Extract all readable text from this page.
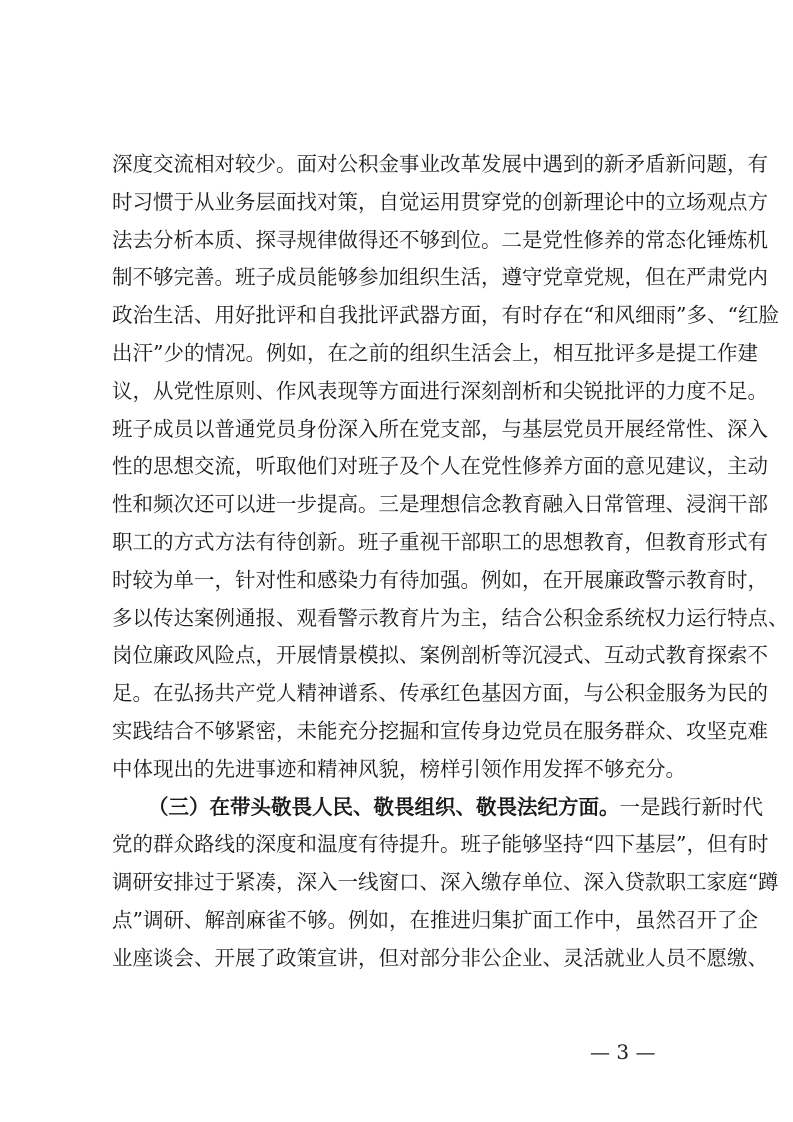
深度交流相对较少。面对公积金事业改革发展中遇到的新矛盾新问题，有
时习惯于从业务层面找对策，自觉运用贯穿党的创新理论中的立场观点方
法去分析本质、探寻规律做得还不够到位。二是党性修养的常态化锤炼机
制不够完善。班子成员能够参加组织生活，遵守党章党规，但在严肃党内
政治生活、用好批评和自我批评武器方面，有时存在“和风细雨”多、“红脸
出汗”少的情况。例如，在之前的组织生活会上，相互批评多是提工作建
议，从党性原则、作风表现等方面进行深刻剖析和尖锐批评的力度不足。
班子成员以普通党员身份深入所在党支部，与基层党员开展经常性、深入
性的思想交流，听取他们对班子及个人在党性修养方面的意见建议，主动
性和频次还可以进一步提高。三是理想信念教育融入日常管理、浸润干部
职工的方式方法有待创新。班子重视干部职工的思想教育，但教育形式有
时较为单一，针对性和感染力有待加强。例如，在开展廉政警示教育时，
多以传达案例通报、观看警示教育片为主，结合公积金系统权力运行特点、
岗位廉政风险点，开展情景模拟、案例剖析等沉浸式、互动式教育探索不
足。在弘扬共产党人精神谱系、传承红色基因方面，与公积金服务为民的
实践结合不够紧密，未能充分挖掘和宣传身边党员在服务群众、攻坚克难
中体现出的先进事迹和精神风貌，榜样引领作用发挥不够充分。
（三）在带头敬畏人民、敬畏组织、敬畏法纪方面。一是践行新时代
党的群众路线的深度和温度有待提升。班子能够坚持“四下基层”，但有时
调研安排过于紧凑，深入一线窗口、深入缴存单位、深入贷款职工家庭“蹲
点”调研、解剖麻雀不够。例如，在推进归集扩面工作中，虽然召开了企
业座谈会、开展了政策宣讲，但对部分非公企业、灵活就业人员不愿缴、
— 3 —
